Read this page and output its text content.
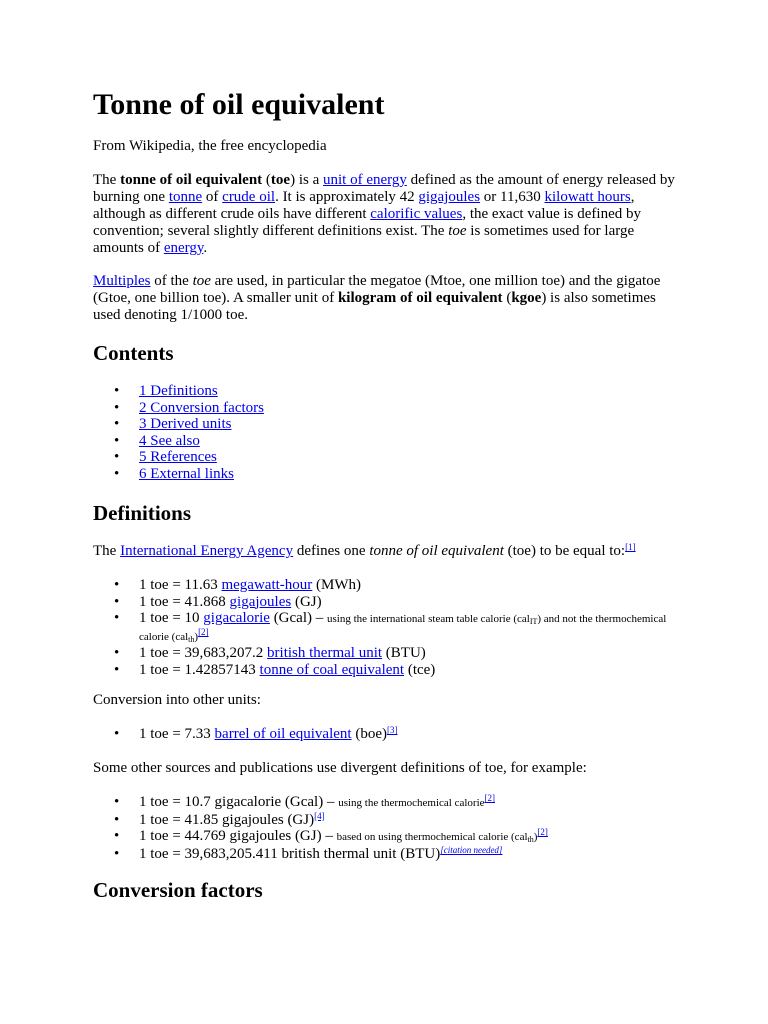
Tonne of oil equivalent

From Wikipedia, the free encyclopedia

The tonne of oil equivalent (toe) is a unit of energy defined as the amount of energy released by burning one tonne of crude oil. It is approximately 42 gigajoules or 11,630 kilowatt hours, although as different crude oils have different calorific values, the exact value is defined by convention; several slightly different definitions exist. The toe is sometimes used for large amounts of energy.

Multiples of the toe are used, in particular the megatoe (Mtoe, one million toe) and the gigatoe (Gtoe, one billion toe). A smaller unit of kilogram of oil equivalent (kgoe) is also sometimes used denoting 1/1000 toe.

Contents
• 1 Definitions
• 2 Conversion factors
• 3 Derived units
• 4 See also
• 5 References
• 6 External links
Definitions

The International Energy Agency defines one tonne of oil equivalent (toe) to be equal to:[1]

• 1 toe = 11.63 megawatt-hour (MWh)
• 1 toe = 41.868 gigajoules (GJ)
• 1 toe = 10 gigacalorie (Gcal) – using the international steam table calorie (cal$_{IT}$) and not the thermochemical calorie (cal$_{th}$)[2]
• 1 toe = 39,683,207.2 british thermal unit (BTU)
• 1 toe = 1.42857143 tonne of coal equivalent (tce)

Conversion into other units:

• 1 toe = 7.33 barrel of oil equivalent (boe)[3]

Some other sources and publications use divergent definitions of toe, for example:

• 1 toe = 10.7 gigacalorie (Gcal) – using the thermochemical calorie[2]
• 1 toe = 41.85 gigajoules (GJ)[4]
• 1 toe = 44.769 gigajoules (GJ) – based on using thermochemical calorie (cal$_{th}$)[2]
• 1 toe = 39,683,205.411 british thermal unit (BTU)[citation needed]
Conversion factors
